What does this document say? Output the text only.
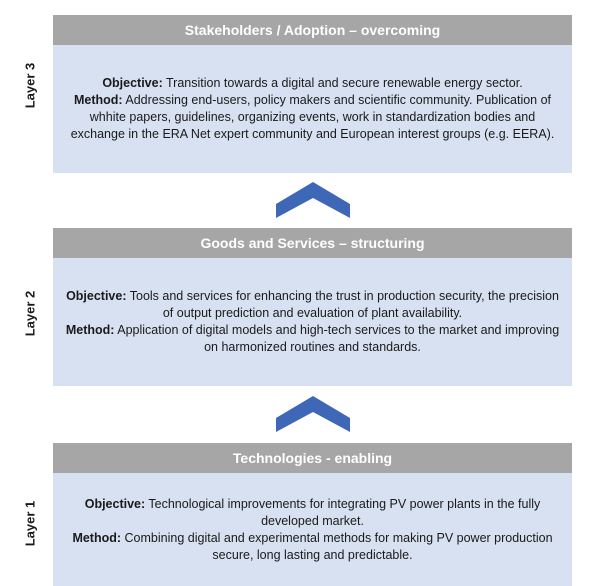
Layer 3
Stakeholders / Adoption – overcoming

Objective: Transition towards a digital and secure renewable energy sector.

Method: Addressing end-users, policy makers and scientific community. Publication of whhite papers, guidelines, organizing events, work in standardization bodies and exchange in the ERA Net expert community and European interest groups (e.g. EERA).

Layer 2
Goods and Services – structuring

Objective: Tools and services for enhancing the trust in production security, the precision of output prediction and evaluation of plant availability.

Method: Application of digital models and high-tech services to the market and improving on harmonized routines and standards.

Layer 1
Technologies - enabling

Objective: Technological improvements for integrating PV power plants in the fully developed market.

Method: Combining digital and experimental methods for making PV power production secure, long lasting and predictable.
